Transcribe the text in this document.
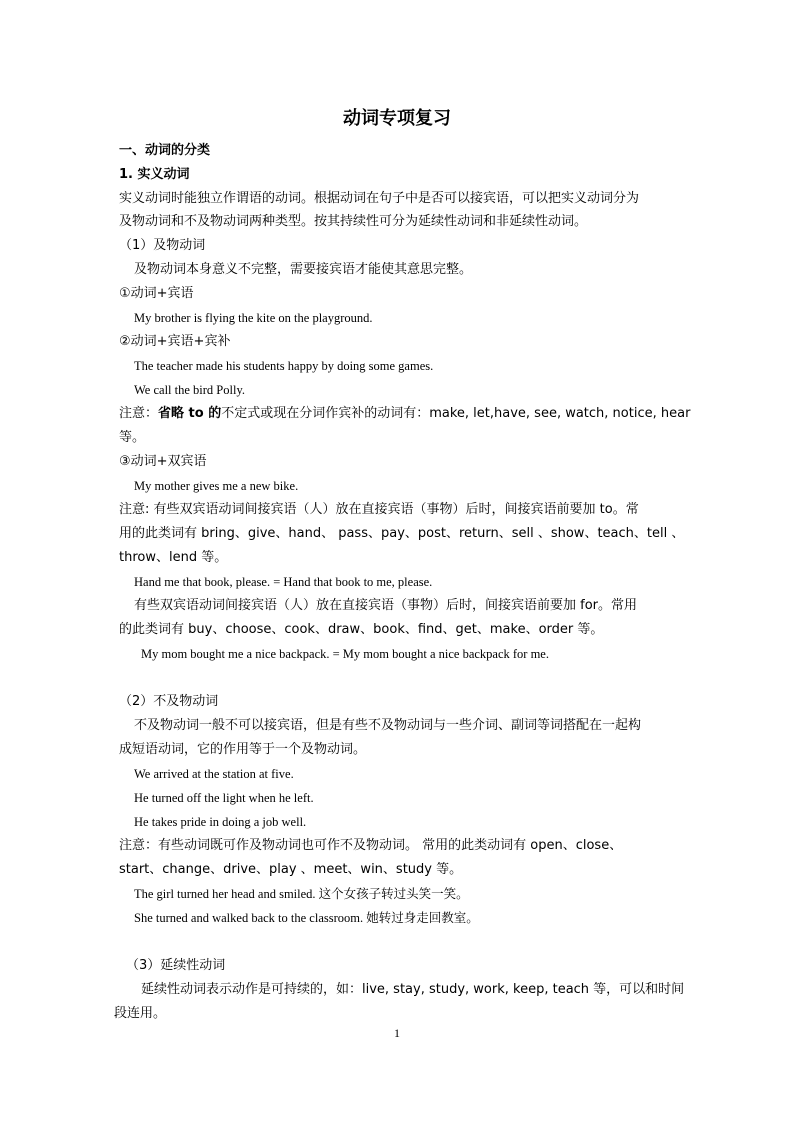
动词专项复习
一、动词的分类
1. 实义动词
实义动词时能独立作谓语的动词。根据动词在句子中是否可以接宾语，可以把实义动词分为
及物动词和不及物动词两种类型。按其持续性可分为延续性动词和非延续性动词。
（1）及物动词
及物动词本身意义不完整，需要接宾语才能使其意思完整。
①动词+宾语
My brother is flying the kite on the playground.
②动词+宾语+宾补
The teacher made his students happy by doing some games.
We call the bird Polly.
注意：省略 to 的不定式或现在分词作宾补的动词有：make, let,have, see, watch, notice, hear
等。
③动词+双宾语
My mother gives me a new bike.
注意: 有些双宾语动词间接宾语（人）放在直接宾语（事物）后时，间接宾语前要加 to。常
用的此类词有 bring、give、hand、 pass、pay、post、return、sell 、show、teach、tell 、
throw、lend 等。
Hand me that book, please. = Hand that book to me, please.
有些双宾语动词间接宾语（人）放在直接宾语（事物）后时，间接宾语前要加 for。常用
的此类词有 buy、choose、cook、draw、book、find、get、make、order 等。
My mom bought me a nice backpack. = My mom bought a nice backpack for me.
（2）不及物动词
不及物动词一般不可以接宾语，但是有些不及物动词与一些介词、副词等词搭配在一起构
成短语动词，它的作用等于一个及物动词。
We arrived at the station at five.
He turned off the light when he left.
He takes pride in doing a job well.
注意：有些动词既可作及物动词也可作不及物动词。 常用的此类动词有 open、close、
start、change、drive、play 、meet、win、study 等。
The girl turned her head and smiled. 这个女孩子转过头笑一笑。
She turned and walked back to the classroom. 她转过身走回教室。
（3）延续性动词
延续性动词表示动作是可持续的，如：live, stay, study, work, keep, teach 等，可以和时间
段连用。
1
